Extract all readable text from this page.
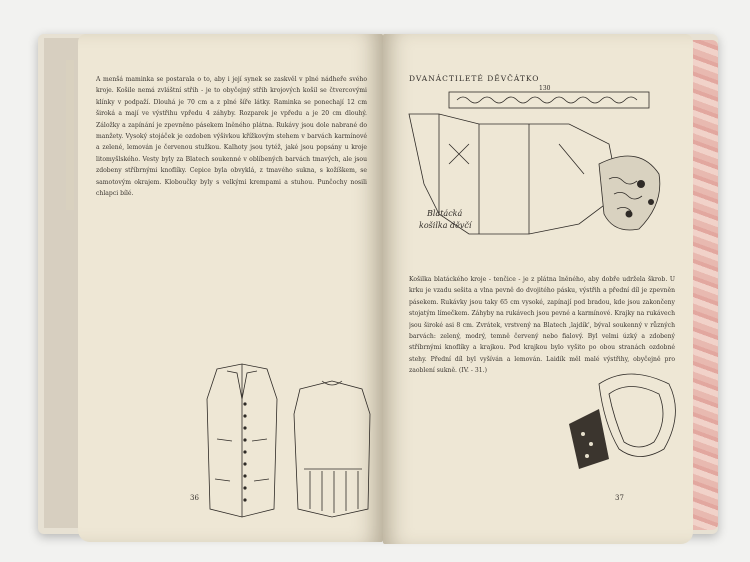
A menšá maminka se postarala o to, aby i její synek se zaskvěl v plné nádheře svého kroje. Košile nemá zvláštní střih - je to obyčejný střih krojových košil se čtvercovými klínky v podpaží. Dlouhá je 70 cm a z plné šíře látky. Raminka se ponechají 12 cm široká a mají ve výstřihu vpředu 4 záhyby. Rozparek je vpředu a je 20 cm dlouhý. Záložky a zapínání je zpevněno pásekem lněného plátna. Rukávy jsou dole nabrané do manžety. Vysoký stojáček je ozdoben výšivkou křížkovým stehem v barvách karmínové a zelené, lemován je červenou stužkou. Kalhoty jsou tytéž, jaké jsou popsány u kroje litomyšlského. Vesty byly za Blatech soukenné v oblíbených barvách tmavých, ale jsou zdobeny stříbrnými knoflíky. Cepice byla obvyklá, z tmavého sukna, s kožíškem, se samotovým okrajem. Kloboučky byly s velkými krempami a stuhou. Punčochy nosili chlapci bílé.
36
DVANÁCTILETÉ DĚVČÁTKO
130
Blatácká
košilka děvčí
Košilka blatáckého kroje - tenčice - je z plátna lněného, aby dobře udržela škrob. U krku je vzadu sešita a vlna pevně do dvojitého pásku, výstřih a přední díl je zpevněn pásekem. Rukávky jsou taky 65 cm vysoké, zapínají pod bradou, kde jsou zakončeny stojatým límečkem. Záhyby na rukávech jsou pevné a karmínové. Krajky na rukávech jsou široké asi 8 cm. Zvrátek, vrstvený na Blatech ,lajdík', býval soukenný v různých barvách: zelený, modrý, temně červený nebo fialový. Byl velmi úzký a zdobený stříbrnými knoflíky a krajkou. Pod krajkou bylo vyšito po obou stranách ozdobné stehy. Přední díl byl vyšíván a lemován. Laidík měl malé výstřihy, obyčejně pro zaoblení sukně. (IV. - 31.)
37
